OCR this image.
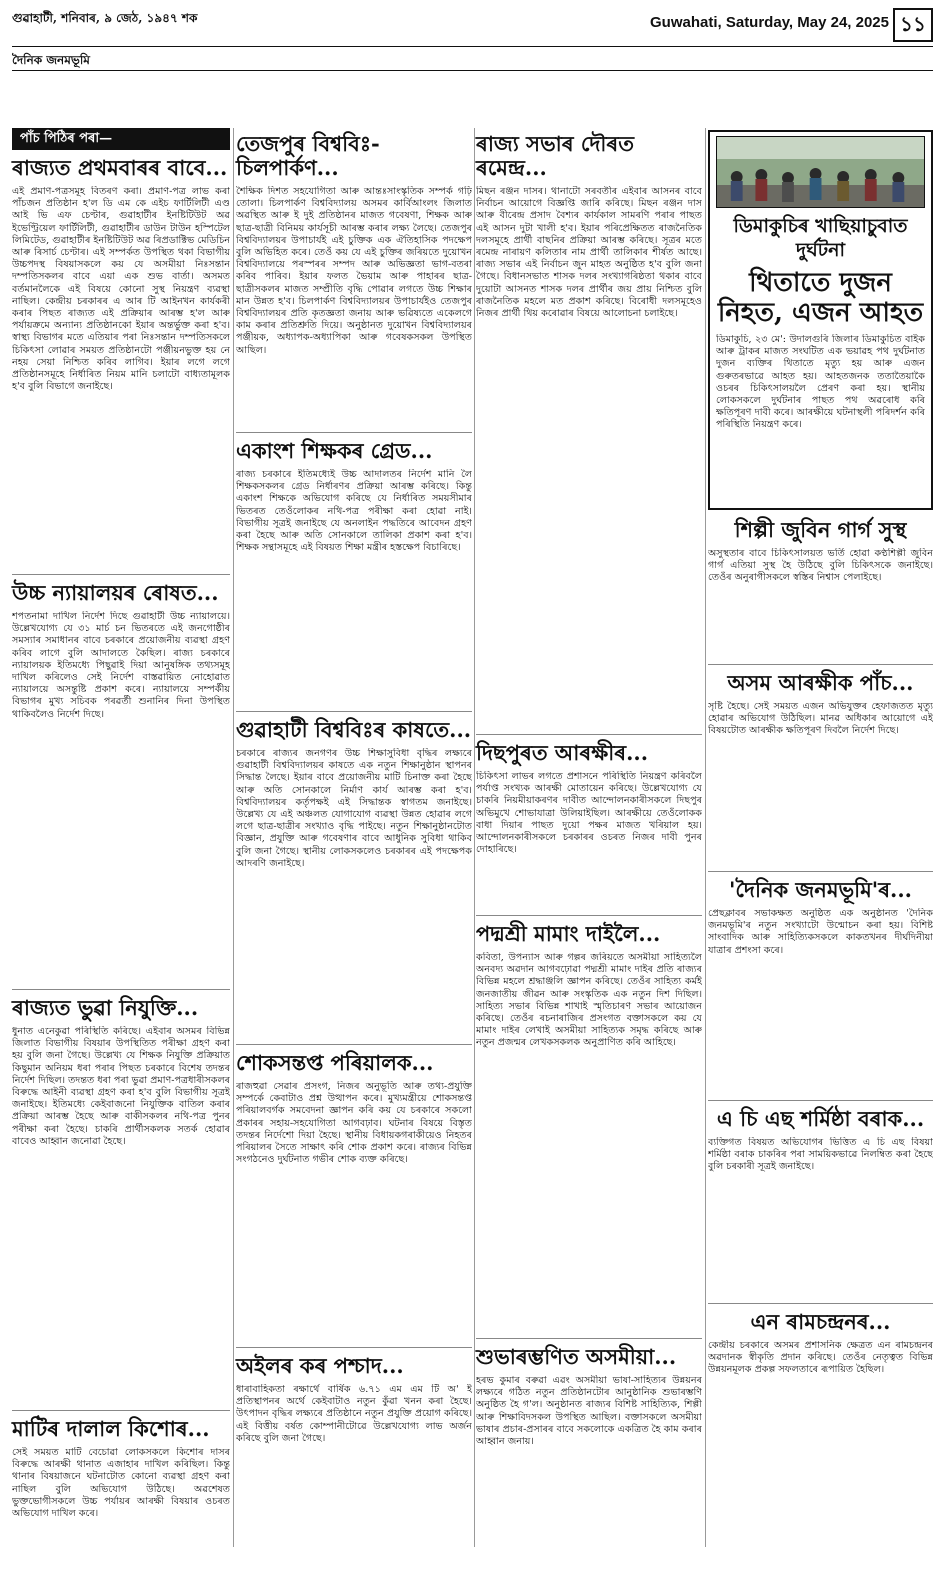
গুৱাহাটী, শনিবাৰ, ৯ জেঠ, ১৯৪৭ শক	Guwahati, Saturday, May 24, 2025 ১১
দৈনিক জনমভূমি
পাঁচ পিঠিৰ পৰা—
ৰাজ্যত প্ৰথমবাৰৰ বাবে...

এই প্ৰমাণ-পত্ৰসমূহ বিতৰণ কৰা। প্ৰমাণ-পত্ৰ লাভ কৰা পাঁচজন প্ৰতিষ্ঠান হ'ল ডি এম কে এইচ ফাৰ্টিলিটী এণ্ড আই ভি এফ চেণ্টাৰ, গুৱাহাটীৰ ইনষ্টিটিউট অৱ ইভেণ্ট্ৰিয়েল ফাৰ্টিলিটী, গুৱাহাটীৰ ডাউন টাউন হস্পিটেল লিমিটেড, গুৱাহাটীৰ ইনষ্টিটিউট অৱ ৰিপ্ৰডাক্টিভ মেডিচিন আৰু ৰিসাৰ্চ চেণ্টাৰ। এই সম্পৰ্কত উপস্থিত থকা বিভাগীয় উচ্চপদস্থ বিষয়াসকলে কয় যে অসমীয়া নিঃসন্তান দম্পতিসকলৰ বাবে এয়া এক শুভ বাৰ্তা। অসমত বৰ্তমানলৈকে এই বিষয়ে কোনো সুস্থ নিয়ন্ত্ৰণ ব্যৱস্থা নাছিল। কেন্দ্ৰীয় চৰকাৰৰ এ আৰ টি আইনখন কাৰ্যকৰী কৰাৰ পিছত ৰাজ্যত এই প্ৰক্ৰিয়াৰ আৰম্ভ হ'ল আৰু পৰ্যায়ক্ৰমে অন্যান্য প্ৰতিষ্ঠানকো ইয়াৰ অন্তৰ্ভুক্ত কৰা হ'ব। স্বাস্থ্য বিভাগৰ মতে এতিয়াৰ পৰা নিঃসন্তান দম্পতিসকলে চিকিৎসা লোৱাৰ সময়ত প্ৰতিষ্ঠানটো পঞ্জীয়নভুক্ত হয় নে নহয় সেয়া নিশ্চিত কৰিব লাগিব। ইয়াৰ লগে লগে প্ৰতিষ্ঠানসমূহে নিৰ্ধাৰিত নিয়ম মানি চলাটো বাধ্যতামূলক হ'ব বুলি বিভাগে জনাইছে।

উচ্চ ন্যায়ালয়ৰ ৰোষত...

শপতনামা দাখিল নিৰ্দেশ দিছে গুৱাহাটী উচ্চ ন্যায়ালয়ে। উল্লেখযোগ্য যে ৩১ মাৰ্চ চন ভিতৰতে এই জনগোষ্ঠীৰ সমস্যাৰ সমাধানৰ বাবে চৰকাৰে প্ৰয়োজনীয় ব্যৱস্থা গ্ৰহণ কৰিব লাগে বুলি আদালতে কৈছিল। ৰাজ্য চৰকাৰে ন্যায়ালয়ক ইতিমধ্যে পিছুৱাই দিয়া আনুষঙ্গিক তথ্যসমূহ দাখিল কৰিলেও সেই নিৰ্দেশ বাস্তৱায়িত নোহোৱাত ন্যায়ালয়ে অসন্তুষ্টি প্ৰকাশ কৰে। ন্যায়ালয়ে সম্পৰ্কীয় বিভাগৰ মুখ্য সচিবক পৰৱৰ্তী শুনানিৰ দিনা উপস্থিত থাকিবলৈও নিৰ্দেশ দিছে।

ৰাজ্যত ভুৱা নিযুক্তি...

ধুনাত এনেকুৱা পৰিস্থিতি কৰিছে। এইবাৰ অসমৰ বিভিন্ন জিলাত বিভাগীয় বিষয়াৰ উপস্থিতিত পৰীক্ষা গ্ৰহণ কৰা হয় বুলি জনা গৈছে। উল্লেখ্য যে শিক্ষক নিযুক্তি প্ৰক্ৰিয়াত কিছুমান অনিয়ম ধৰা পৰাৰ পিছত চৰকাৰে বিশেষ তদন্তৰ নিৰ্দেশ দিছিল। তদন্তত ধৰা পৰা ভুৱা প্ৰমাণ-পত্ৰধাৰীসকলৰ বিৰুদ্ধে আইনী ব্যৱস্থা গ্ৰহণ কৰা হ'ব বুলি বিভাগীয় সূত্ৰই জনাইছে। ইতিমধ্যে কেইবাজনো নিযুক্তিক বাতিল কৰাৰ প্ৰক্ৰিয়া আৰম্ভ হৈছে আৰু বাকীসকলৰ নথি-পত্ৰ পুনৰ পৰীক্ষা কৰা হৈছে। চাকৰি প্ৰাৰ্থীসকলক সতৰ্ক হোৱাৰ বাবেও আহ্বান জনোৱা হৈছে।

মাটিৰ দালাল কিশোৰ...

সেই সময়ত মাটি বেচোৱা লোকসকলে কিশোৰ দাসৰ বিৰুদ্ধে আৰক্ষী থানাত এজাহাৰ দাখিল কৰিছিল। কিন্তু থানাৰ বিষয়াজনে ঘটনাটোত কোনো ব্যৱস্থা গ্ৰহণ কৰা নাছিল বুলি অভিযোগ উঠিছে। অৱশেষত ভুক্তভোগীসকলে উচ্চ পৰ্যায়ৰ আৰক্ষী বিষয়াৰ ওচৰত অভিযোগ দাখিল কৰে।

তেজপুৰ বিশ্ববিঃ-চিলপাৰ্কণ...

শৈক্ষিক দিশত সহযোগিতা আৰু আন্তঃসাংস্কৃতিক সম্পৰ্ক গঢ়ি তোলা। চিলপাৰ্কণ বিশ্ববিদ্যালয় অসমৰ কাৰ্বিআংলং জিলাত অৱস্থিত আৰু ই দুই প্ৰতিষ্ঠানৰ মাজত গবেষণা, শিক্ষক আৰু ছাত্ৰ-ছাত্ৰী বিনিময় কাৰ্যসূচী আৰম্ভ কৰাৰ লক্ষ্য লৈছে। তেজপুৰ বিশ্ববিদ্যালয়ৰ উপাচাৰ্যই এই চুক্তিক এক ঐতিহাসিক পদক্ষেপ বুলি অভিহিত কৰে। তেওঁ কয় যে এই চুক্তিৰ জৰিয়তে দুয়োখন বিশ্ববিদ্যালয়ে পৰস্পৰৰ সম্পদ আৰু অভিজ্ঞতা ভাগ-বতৰা কৰিব পাৰিব। ইয়াৰ ফলত ভৈয়াম আৰু পাহাৰৰ ছাত্ৰ-ছাত্ৰীসকলৰ মাজত সম্প্ৰীতি বৃদ্ধি পোৱাৰ লগতে উচ্চ শিক্ষাৰ মান উন্নত হ'ব। চিলপাৰ্কণ বিশ্ববিদ্যালয়ৰ উপাচাৰ্যইও তেজপুৰ বিশ্ববিদ্যালয়ৰ প্ৰতি কৃতজ্ঞতা জনায় আৰু ভৱিষ্যতে একেলগে কাম কৰাৰ প্ৰতিশ্ৰুতি দিয়ে। অনুষ্ঠানত দুয়োখন বিশ্ববিদ্যালয়ৰ পঞ্জীয়ক, অধ্যাপক-অধ্যাপিকা আৰু গবেষকসকল উপস্থিত আছিল।

একাংশ শিক্ষকৰ গ্ৰেড...

ৰাজ্য চৰকাৰে ইতিমধ্যেই উচ্চ আদালতৰ নিৰ্দেশ মানি লৈ শিক্ষকসকলৰ গ্ৰেড নিৰ্ধাৰণৰ প্ৰক্ৰিয়া আৰম্ভ কৰিছে। কিন্তু একাংশ শিক্ষকে অভিযোগ কৰিছে যে নিৰ্ধাৰিত সময়সীমাৰ ভিতৰত তেওঁলোকৰ নথি-পত্ৰ পৰীক্ষা কৰা হোৱা নাই। বিভাগীয় সূত্ৰই জনাইছে যে অনলাইন পদ্ধতিৰে আবেদন গ্ৰহণ কৰা হৈছে আৰু অতি সোনকালে তালিকা প্ৰকাশ কৰা হ'ব। শিক্ষক সন্থাসমূহে এই বিষয়ত শিক্ষা মন্ত্ৰীৰ হস্তক্ষেপ বিচাৰিছে।

গুৱাহাটী বিশ্ববিঃৰ কাষতে...

চৰকাৰে ৰাজ্যৰ জনগণৰ উচ্চ শিক্ষাসুবিধা বৃদ্ধিৰ লক্ষ্যৰে গুৱাহাটী বিশ্ববিদ্যালয়ৰ কাষতে এক নতুন শিক্ষানুষ্ঠান স্থাপনৰ সিদ্ধান্ত লৈছে। ইয়াৰ বাবে প্ৰয়োজনীয় মাটি চিনাক্ত কৰা হৈছে আৰু অতি সোনকালে নিৰ্মাণ কাৰ্য আৰম্ভ কৰা হ'ব। বিশ্ববিদ্যালয়ৰ কৰ্তৃপক্ষই এই সিদ্ধান্তক স্বাগতম জনাইছে। উল্লেখ্য যে এই অঞ্চলত যোগাযোগ ব্যৱস্থা উন্নত হোৱাৰ লগে লগে ছাত্ৰ-ছাত্ৰীৰ সংখ্যাও বৃদ্ধি পাইছে। নতুন শিক্ষানুষ্ঠানটোত বিজ্ঞান, প্ৰযুক্তি আৰু গবেষণাৰ বাবে আধুনিক সুবিধা থাকিব বুলি জনা গৈছে। স্থানীয় লোকসকলেও চৰকাৰৰ এই পদক্ষেপক আদৰণি জনাইছে।

শোকসন্তপ্ত পৰিয়ালক...

ৰাজহুৱা সেৱাৰ প্ৰসংগ, নিজৰ অনুভূতি আৰু তথ্য-প্ৰযুক্তি সম্পৰ্কে কেবাটাও প্ৰশ্ন উত্থাপন কৰে। মুখ্যমন্ত্ৰীয়ে শোকসন্তপ্ত পৰিয়ালবৰ্গক সমবেদনা জ্ঞাপন কৰি কয় যে চৰকাৰে সকলো প্ৰকাৰৰ সহায়-সহযোগিতা আগবঢ়াব। ঘটনাৰ বিষয়ে বিস্তৃত তদন্তৰ নিৰ্দেশো দিয়া হৈছে। স্থানীয় বিধায়কগৰাকীয়েও নিহতৰ পৰিয়ালৰ সৈতে সাক্ষাৎ কৰি শোক প্ৰকাশ কৰে। ৰাজ্যৰ বিভিন্ন সংগঠনেও দুৰ্ঘটনাত গভীৰ শোক ব্যক্ত কৰিছে।

অইলৰ কৰ পশ্চাদ...

ধাৰাবাহিকতা ৰক্ষাৰ্থে বাৰ্ষিক ৬.৭১ এম এম টি অ' ই প্ৰতিস্থাপনৰ অৰ্থে কেইবাটাও নতুন কুঁৱা খনন কৰা হৈছে। উৎপাদন বৃদ্ধিৰ লক্ষ্যৰে প্ৰতিষ্ঠানে নতুন প্ৰযুক্তি প্ৰয়োগ কৰিছে। এই বিত্তীয় বৰ্ষত কোম্পানীটোৱে উল্লেখযোগ্য লাভ অৰ্জন কৰিছে বুলি জনা গৈছে।

ৰাজ্য সভাৰ দৌৰত ৰমেন্দ্ৰ...

মিছন ৰঞ্জন দাসৰ। থানাটো সৰবতীৰ এইবাৰ আসনৰ বাবে নিৰ্বাচন আয়োগে বিজ্ঞপ্তি জাৰি কৰিছে। মিছন ৰঞ্জন দাস আৰু বীৰেন্দ্ৰ প্ৰসাদ বৈশ্যৰ কাৰ্যকাল সামৰণি পৰাৰ পাছত এই আসন দুটা খালী হ'ব। ইয়াৰ পৰিপ্ৰেক্ষিতত ৰাজনৈতিক দলসমূহে প্ৰাৰ্থী বাছনিৰ প্ৰক্ৰিয়া আৰম্ভ কৰিছে। সূত্ৰৰ মতে ৰমেন্দ্ৰ নাৰায়ণ কলিতাৰ নাম প্ৰাৰ্থী তালিকাৰ শীৰ্ষত আছে। ৰাজ্য সভাৰ এই নিৰ্বাচন জুন মাহত অনুষ্ঠিত হ'ব বুলি জনা গৈছে। বিধানসভাত শাসক দলৰ সংখ্যাগৰিষ্ঠতা থকাৰ বাবে দুয়োটা আসনত শাসক দলৰ প্ৰাৰ্থীৰ জয় প্ৰায় নিশ্চিত বুলি ৰাজনৈতিক মহলে মত প্ৰকাশ কৰিছে। বিৰোধী দলসমূহেও নিজৰ প্ৰাৰ্থী থিয় কৰোৱাৰ বিষয়ে আলোচনা চলাইছে।

দিছপুৰত আৰক্ষীৰ...

চিকিৎসা লাভৰ লগতে প্ৰশাসনে পৰিস্থিতি নিয়ন্ত্ৰণ কৰিবলৈ পৰ্যাপ্ত সংখ্যক আৰক্ষী মোতায়েন কৰিছে। উল্লেখযোগ্য যে চাকৰি নিয়মীয়াকৰণৰ দাবীত আন্দোলনকাৰীসকলে দিছপুৰ অভিমুখে শোভাযাত্ৰা উলিয়াইছিল। আৰক্ষীয়ে তেওঁলোকক বাধা দিয়াৰ পাছত দুয়ো পক্ষৰ মাজত খৰিয়াল হয়। আন্দোলনকাৰীসকলে চৰকাৰৰ ওচৰত নিজৰ দাবী পুনৰ দোহাৰিছে।

পদ্মশ্ৰী মামাং দাইলৈ...

কবিতা, উপন্যাস আৰু গল্পৰ জৰিয়তে অসমীয়া সাহিত্যলৈ অনবদ্য অৱদান আগবঢ়োৱা পদ্মশ্ৰী মামাং দাইৰ প্ৰতি ৰাজ্যৰ বিভিন্ন মহলে শ্ৰদ্ধাঞ্জলি জ্ঞাপন কৰিছে। তেওঁৰ সাহিত্য কৰ্মই জনজাতীয় জীৱন আৰু সংস্কৃতিক এক নতুন দিশ দিছিল। সাহিত্য সভাৰ বিভিন্ন শাখাই স্মৃতিচাৰণ সভাৰ আয়োজন কৰিছে। তেওঁৰ ৰচনাৰাজিৰ প্ৰসংগত বক্তাসকলে কয় যে মামাং দাইৰ লেখাই অসমীয়া সাহিত্যক সমৃদ্ধ কৰিছে আৰু নতুন প্ৰজন্মৰ লেখকসকলক অনুপ্ৰাণিত কৰি আহিছে।

শুভাৰম্ভণিত অসমীয়া...

হৰভ কুমাৰ বৰুৱা এৱং অসমীয়া ভাষা-সাহিত্যৰ উন্নয়নৰ লক্ষ্যৰে গঠিত নতুন প্ৰতিষ্ঠানটোৰ আনুষ্ঠানিক শুভাৰম্ভণি অনুষ্ঠিত হৈ গ'ল। অনুষ্ঠানত ৰাজ্যৰ বিশিষ্ট সাহিত্যিক, শিল্পী আৰু শিক্ষাবিদসকল উপস্থিত আছিল। বক্তাসকলে অসমীয়া ভাষাৰ প্ৰচাৰ-প্ৰসাৰৰ বাবে সকলোকে একত্ৰিত হৈ কাম কৰাৰ আহ্বান জনায়।

ডিমাকুচিৰ খাছিয়াচুবাত দুৰ্ঘটনা
থিতাতে দুজন নিহত, এজন আহত

ডিমাকুচি, ২৩ মে': উদালগুৰি জিলাৰ ডিমাকুচিত বাইক আৰু ট্ৰাকৰ মাজত সংঘটিত এক ভয়াৱহ পথ দুৰ্ঘটনাত দুজন ব্যক্তিৰ থিতাতে মৃত্যু হয় আৰু এজন গুৰুতৰভাৱে আহত হয়। আহতজনক ততাতৈয়াকৈ ওচৰৰ চিকিৎসালয়লৈ প্ৰেৰণ কৰা হয়। স্থানীয় লোকসকলে দুৰ্ঘটনাৰ পাছত পথ অৱৰোধ কৰি ক্ষতিপূৰণ দাবী কৰে। আৰক্ষীয়ে ঘটনাস্থলী পৰিদৰ্শন কৰি পৰিস্থিতি নিয়ন্ত্ৰণ কৰে।

শিল্পী জুবিন গাৰ্গ সুস্থ

অসুস্থতাৰ বাবে চিকিৎসালয়ত ভৰ্তি হোৱা কণ্ঠশিল্পী জুবিন গাৰ্গ এতিয়া সুস্থ হৈ উঠিছে বুলি চিকিৎসকে জনাইছে। তেওঁৰ অনুৰাগীসকলে স্বস্তিৰ নিশ্বাস পেলাইছে।

অসম আৰক্ষীক পাঁচ...

সৃষ্টি হৈছে। সেই সময়ত এজন অভিযুক্তৰ হেফাজতত মৃত্যু হোৱাৰ অভিযোগ উঠিছিল। মানৱ অধিকাৰ আয়োগে এই বিষয়টোত আৰক্ষীক ক্ষতিপূৰণ দিবলৈ নিৰ্দেশ দিছে।

'দৈনিক জনমভূমি'ৰ...

প্ৰেছক্লাবৰ সভাকক্ষত অনুষ্ঠিত এক অনুষ্ঠানত 'দৈনিক জনমভূমি'ৰ নতুন সংখ্যাটো উন্মোচন কৰা হয়। বিশিষ্ট সাংবাদিক আৰু সাহিত্যিকসকলে কাকতখনৰ দীৰ্ঘদিনীয়া যাত্ৰাৰ প্ৰশংসা কৰে।

এ চি এছ শৰ্মিষ্ঠা বৰাক...

ব্যক্তিগত বিষয়ত অভিযোগৰ ভিত্তিত এ চি এছ বিষয়া শৰ্মিষ্ঠা বৰাক চাকৰিৰ পৰা সাময়িকভাৱে নিলম্বিত কৰা হৈছে বুলি চৰকাৰী সূত্ৰই জনাইছে।

এন ৰামচন্দ্ৰনৰ...

কেন্দ্ৰীয় চৰকাৰে অসমৰ প্ৰশাসনিক ক্ষেত্ৰত এন ৰামচন্দ্ৰনৰ অৱদানক স্বীকৃতি প্ৰদান কৰিছে। তেওঁৰ নেতৃত্বত বিভিন্ন উন্নয়নমূলক প্ৰকল্প সফলতাৰে ৰূপায়িত হৈছিল।
